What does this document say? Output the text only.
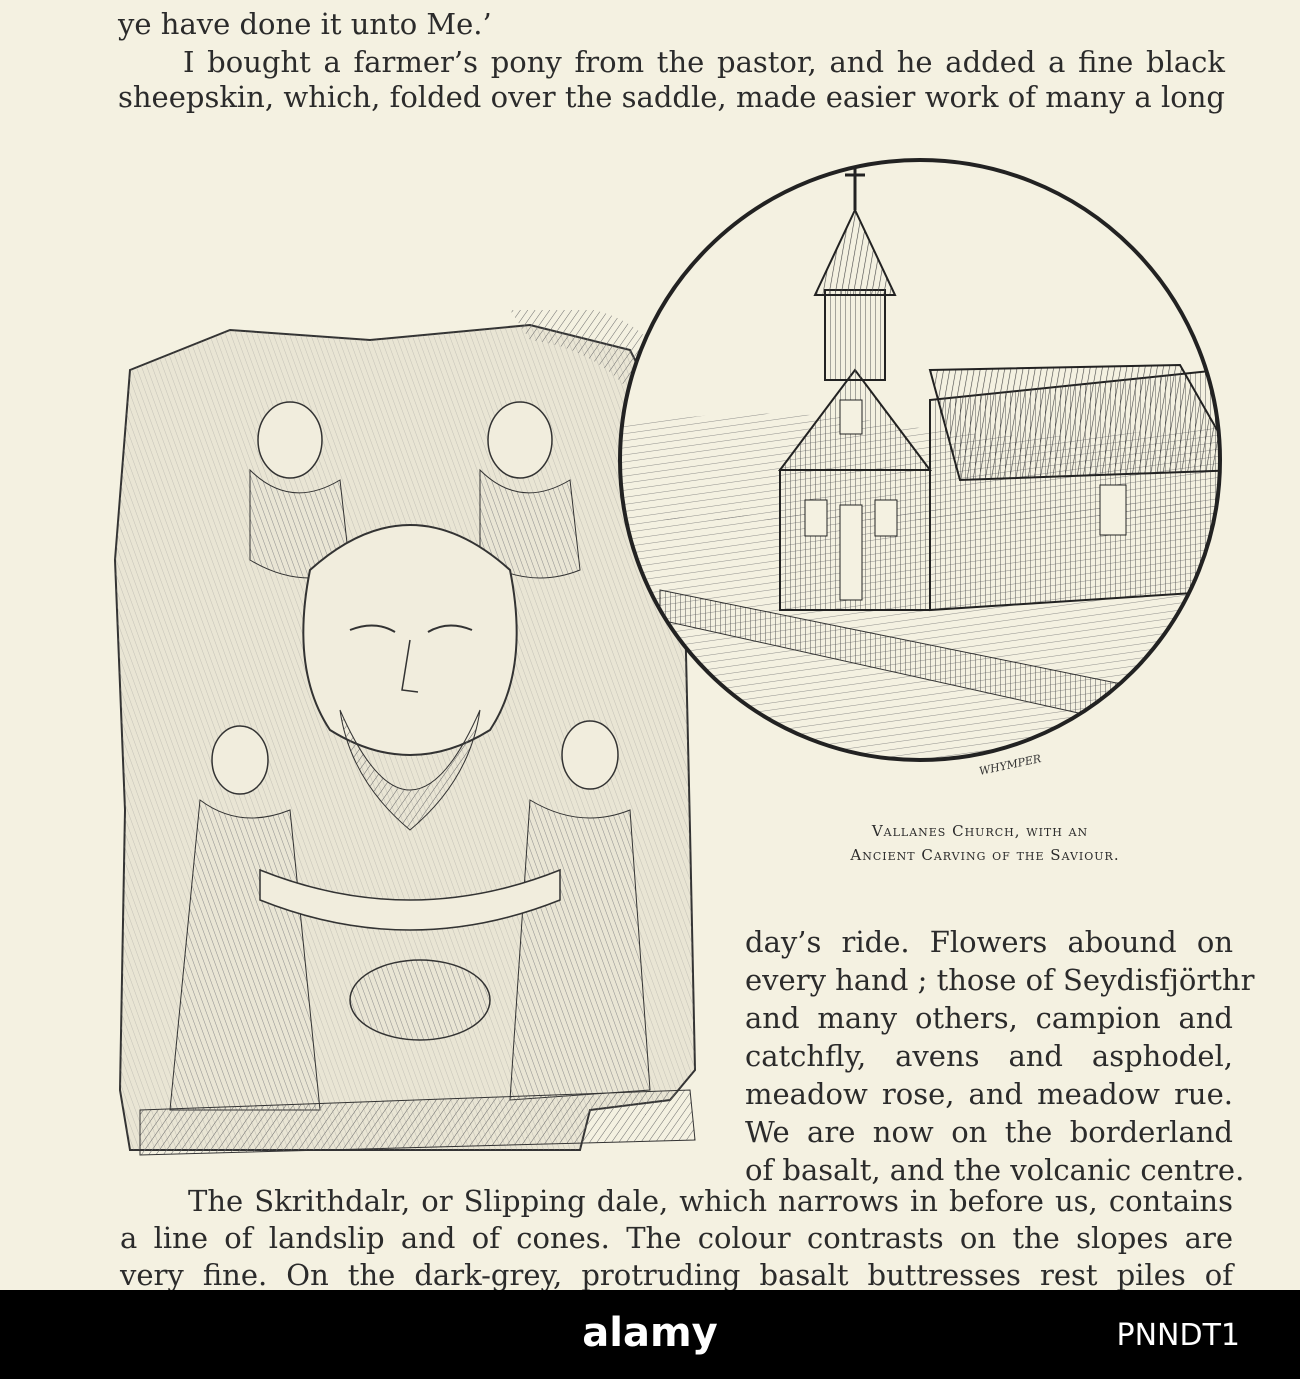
ye have done it unto Me.’
I bought a farmer’s pony from the pastor, and he added a fine black
sheepskin, which, folded over the saddle, made easier work of many a long
WHYMPER
Vallanes Church, with an
Ancient Carving of the Saviour.
day’s ride. Flowers abound on
every hand ; those of Seydisfjörthr
and many others, campion and
catchfly, avens and asphodel,
meadow rose, and meadow rue.
We are now on the borderland
of basalt, and the volcanic centre.
The Skrithdalr, or Slipping dale, which narrows in before us, contains
a line of landslip and of cones. The colour contrasts on the slopes are
very fine. On the dark-grey, protruding basalt buttresses rest piles of
alamy	PNNDT1
